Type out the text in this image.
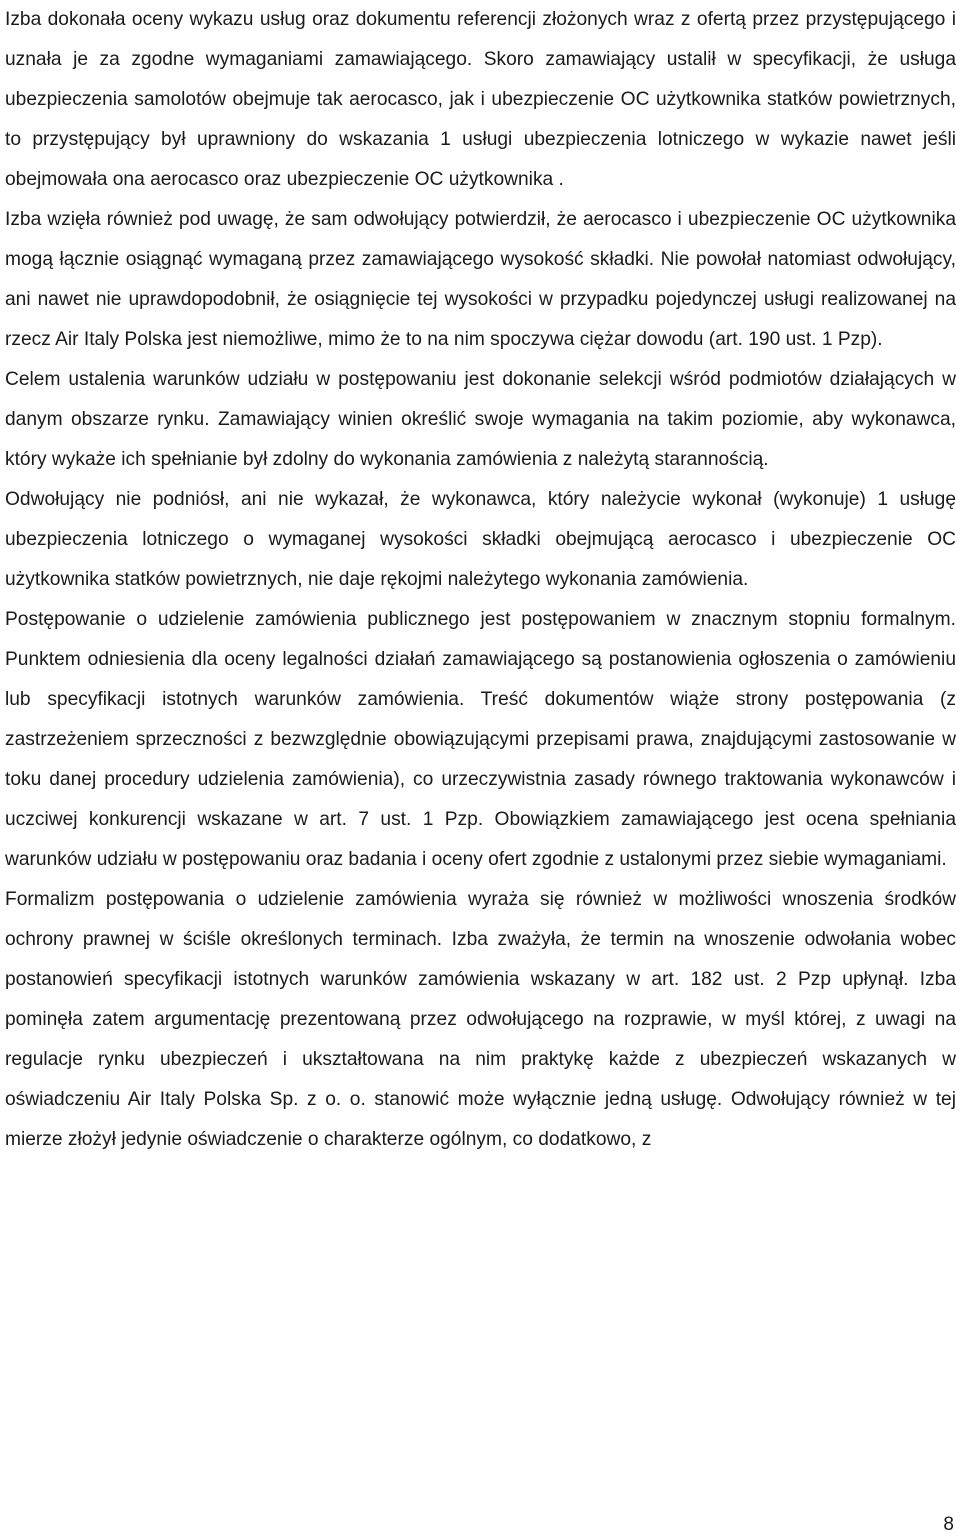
Izba dokonała oceny wykazu usług oraz dokumentu referencji złożonych wraz z ofertą przez przystępującego i uznała je za zgodne wymaganiami zamawiającego. Skoro zamawiający ustalił w specyfikacji, że usługa ubezpieczenia samolotów obejmuje tak aerocasco, jak i ubezpieczenie OC użytkownika statków powietrznych, to przystępujący był uprawniony do wskazania 1 usługi ubezpieczenia lotniczego w wykazie nawet jeśli obejmowała ona aerocasco oraz ubezpieczenie OC użytkownika .

Izba wzięła również pod uwagę, że sam odwołujący potwierdził, że aerocasco i ubezpieczenie OC użytkownika mogą łącznie osiągnąć wymaganą przez zamawiającego wysokość składki. Nie powołał natomiast odwołujący, ani nawet nie uprawdopodobnił, że osiągnięcie tej wysokości w przypadku pojedynczej usługi realizowanej na rzecz Air Italy Polska jest niemożliwe, mimo że to na nim spoczywa ciężar dowodu (art. 190 ust. 1 Pzp).

Celem ustalenia warunków udziału w postępowaniu jest dokonanie selekcji wśród podmiotów działających w danym obszarze rynku. Zamawiający winien określić swoje wymagania na takim poziomie, aby wykonawca, który wykaże ich spełnianie był zdolny do wykonania zamówienia z należytą starannością.

Odwołujący nie podniósł, ani nie wykazał, że wykonawca, który należycie wykonał (wykonuje) 1 usługę ubezpieczenia lotniczego o wymaganej wysokości składki obejmującą aerocasco i ubezpieczenie OC użytkownika statków powietrznych, nie daje rękojmi należytego wykonania zamówienia.

Postępowanie o udzielenie zamówienia publicznego jest postępowaniem w znacznym stopniu formalnym. Punktem odniesienia dla oceny legalności działań zamawiającego są postanowienia ogłoszenia o zamówieniu lub specyfikacji istotnych warunków zamówienia. Treść dokumentów wiąże strony postępowania (z zastrzeżeniem sprzeczności z bezwzględnie obowiązującymi przepisami prawa, znajdującymi zastosowanie w toku danej procedury udzielenia zamówienia), co urzeczywistnia zasady równego traktowania wykonawców i uczciwej konkurencji wskazane w art. 7 ust. 1 Pzp. Obowiązkiem zamawiającego jest ocena spełniania warunków udziału w postępowaniu oraz badania i oceny ofert zgodnie z ustalonymi przez siebie wymaganiami.

Formalizm postępowania o udzielenie zamówienia wyraża się również w możliwości wnoszenia środków ochrony prawnej w ściśle określonych terminach. Izba zważyła, że termin na wnoszenie odwołania wobec postanowień specyfikacji istotnych warunków zamówienia wskazany w art. 182 ust. 2 Pzp upłynął. Izba pominęła zatem argumentację prezentowaną przez odwołującego na rozprawie, w myśl której, z uwagi na regulacje rynku ubezpieczeń i ukształtowana na nim praktykę każde z ubezpieczeń wskazanych w oświadczeniu Air Italy Polska Sp. z o. o. stanowić może wyłącznie jedną usługę. Odwołujący również w tej mierze złożył jedynie oświadczenie o charakterze ogólnym, co dodatkowo, z

8
